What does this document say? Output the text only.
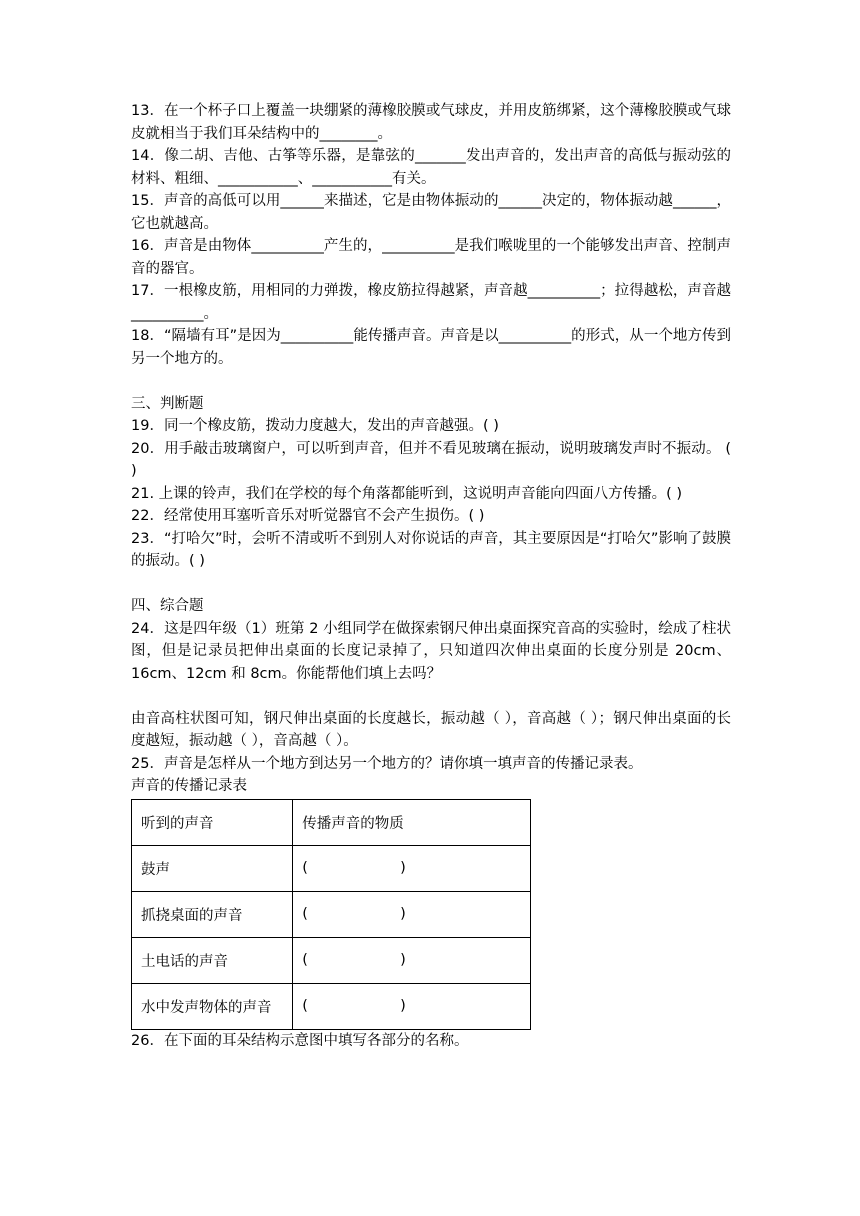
13．在一个杯子口上覆盖一块绷紧的薄橡胶膜或气球皮，并用皮筋绑紧，这个薄橡胶膜或气球皮就相当于我们耳朵结构中的________。

14．像二胡、吉他、古筝等乐器，是靠弦的_______发出声音的，发出声音的高低与振动弦的材料、粗细、___________、___________有关。

15．声音的高低可以用______来描述，它是由物体振动的______决定的，物体振动越______，它也就越高。

16．声音是由物体__________产生的，__________是我们喉咙里的一个能够发出声音、控制声音的器官。

17．一根橡皮筋，用相同的力弹拨，橡皮筋拉得越紧，声音越__________；拉得越松，声音越__________。

18．“隔墙有耳”是因为__________能传播声音。声音是以__________的形式，从一个地方传到另一个地方的。

三、判断题

19．同一个橡皮筋，拨动力度越大，发出的声音越强。( )

20．用手敲击玻璃窗户，可以听到声音，但并不看见玻璃在振动，说明玻璃发声时不振动。 ( )

21. 上课的铃声，我们在学校的每个角落都能听到，这说明声音能向四面八方传播。( )

22．经常使用耳塞听音乐对听觉器官不会产生损伤。( )

23．“打哈欠”时，会听不清或听不到别人对你说话的声音，其主要原因是“打哈欠”影响了鼓膜的振动。( )

四、综合题

24．这是四年级（1）班第 2 小组同学在做探索钢尺伸出桌面探究音高的实验时，绘成了柱状图，但是记录员把伸出桌面的长度记录掉了，只知道四次伸出桌面的长度分别是 20cm、16cm、12cm 和 8cm。你能帮他们填上去吗？

由音高柱状图可知，钢尺伸出桌面的长度越长，振动越（ ），音高越（ ）；钢尺伸出桌面的长度越短，振动越（ ），音高越（ ）。

25．声音是怎样从一个地方到达另一个地方的？请你填一填声音的传播记录表。

声音的传播记录表

听到的声音	传播声音的物质
鼓声	(                    )
抓挠桌面的声音	(                    )
土电话的声音	(                    )
水中发声物体的声音	(                    )

26．在下面的耳朵结构示意图中填写各部分的名称。
